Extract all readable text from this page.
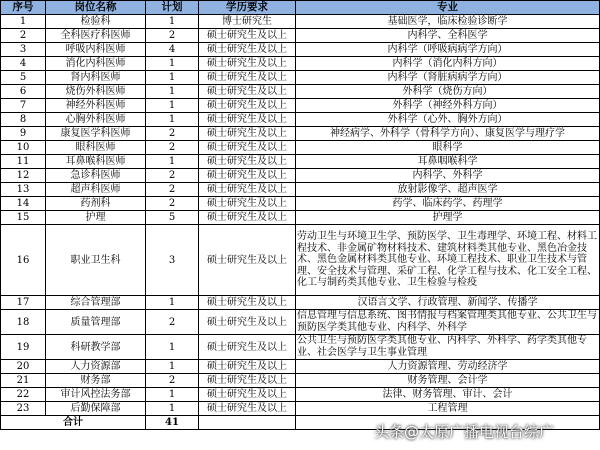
序号	岗位名称	计划	学历要求	专业
1	检验科	1	博士研究生	基础医学，临床检验诊断学
2	全科医疗科医师	2	硕士研究生及以上	内科学、全科医学
3	呼吸内科医师	4	硕士研究生及以上	内科学（呼吸病病学方向）
4	消化内科医师	1	硕士研究生及以上	内科学（消化内科方向）
5	肾内科医师	1	硕士研究生及以上	内科学（肾脏病病学方向）
6	烧伤外科医师	1	硕士研究生及以上	外科学（烧伤方向）
7	神经外科医师	1	硕士研究生及以上	外科学（神经外科方向）
8	心胸外科医师	1	硕士研究生及以上	外科学（心外、胸外方向）
9	康复医学科医师	2	硕士研究生及以上	神经病学、外科学（骨科学方向）、康复医学与理疗学
10	眼科医师	2	硕士研究生及以上	眼科学
11	耳鼻喉科医师	1	硕士研究生及以上	耳鼻咽喉科学
12	急诊科医师	2	硕士研究生及以上	内科学、外科学
13	超声科医师	2	硕士研究生及以上	放射影像学、超声医学
14	药剂科	2	硕士研究生及以上	药学、临床药学、药理学
15	护理	5	硕士研究生及以上	护理学
16	职业卫生科	3	硕士研究生及以上	劳动卫生与环境卫生学、预防医学、卫生毒理学、环境工程、材料工程技术、非金属矿物材料技术、建筑材料类其他专业、黑色冶金技术、黑色金属材料类其他专业、环境工程技术、职业卫生技术与管理、安全技术与管理、采矿工程、化学工程与技术、化工安全工程、化工与制药类其他专业、卫生检验与检疫
17	综合管理部	1	硕士研究生及以上	汉语言文学、行政管理、新闻学、传播学
18	质量管理部	2	硕士研究生及以上	信息管理与信息系统、图书情报与档案管理类其他专业、公共卫生与预防医学类其他专业、内科学、外科学
19	科研教学部	1	硕士研究生及以上	公共卫生与预防医学类其他专业、内科学、外科学、药学类其他专业、社会医学与卫生事业管理
20	人力资源部	1	硕士研究生及以上	人力资源管理、劳动经济学
21	财务部	2	硕士研究生及以上	财务管理、会计学
22	审计风控法务部	1	硕士研究生及以上	法律、财务管理、审计、会计
23	后勤保障部	1	硕士研究生及以上	工程管理
合计		41		
头条@太原广播电视台综广
